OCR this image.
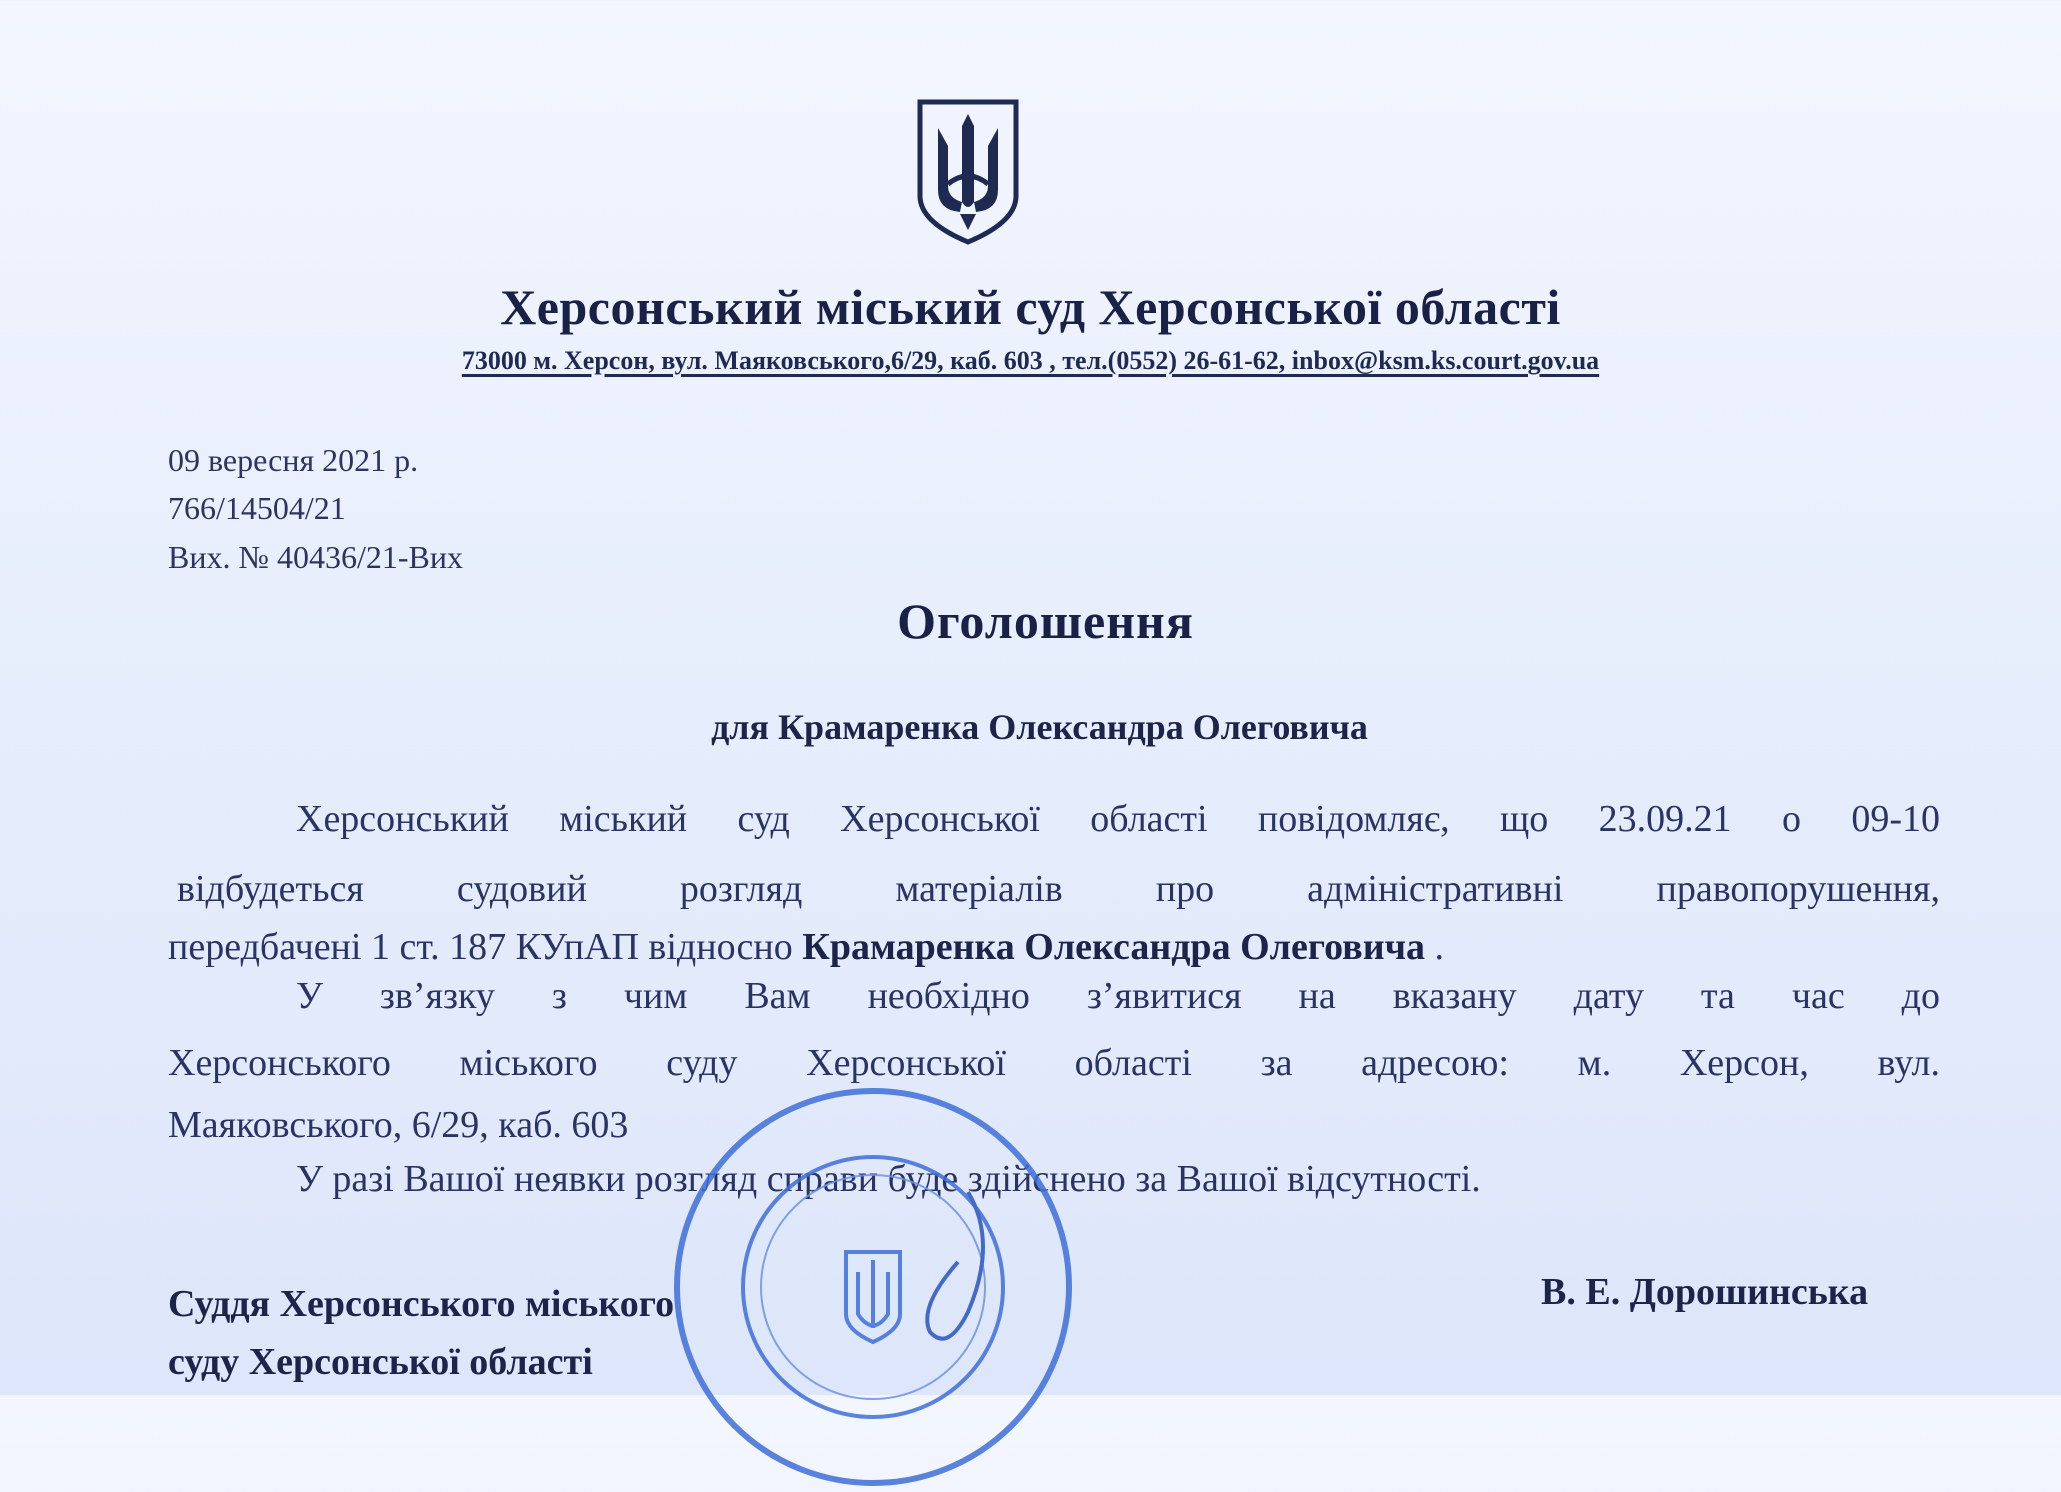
Херсонський міський суд Херсонської області
73000 м. Херсон, вул. Маяковського,6/29, каб. 603 , тел.(0552) 26-61-62, inbox@ksm.ks.court.gov.ua
09 вересня 2021 р.
766/14504/21
Вих. № 40436/21-Вих
Оголошення
для Крамаренка Олександра Олеговича
Херсонський міський суд Херсонської області повідомляє, що 23.09.21 о 09-10
відбудеться судовий розгляд матеріалів про адміністративні правопорушення,
передбачені 1 ст. 187 КУпАП відносно Крамаренка Олександра Олеговича .
У зв’язку з чим Вам необхідно з’явитися на вказану дату та час до
Херсонського міського суду Херсонської області за адресою: м. Херсон, вул.
Маяковського, 6/29, каб. 603
У разі Вашої неявки розгляд справи буде здійснено за Вашої відсутності.
Суддя Херсонського міського
суду Херсонської області
В. Е. Дорошинська
